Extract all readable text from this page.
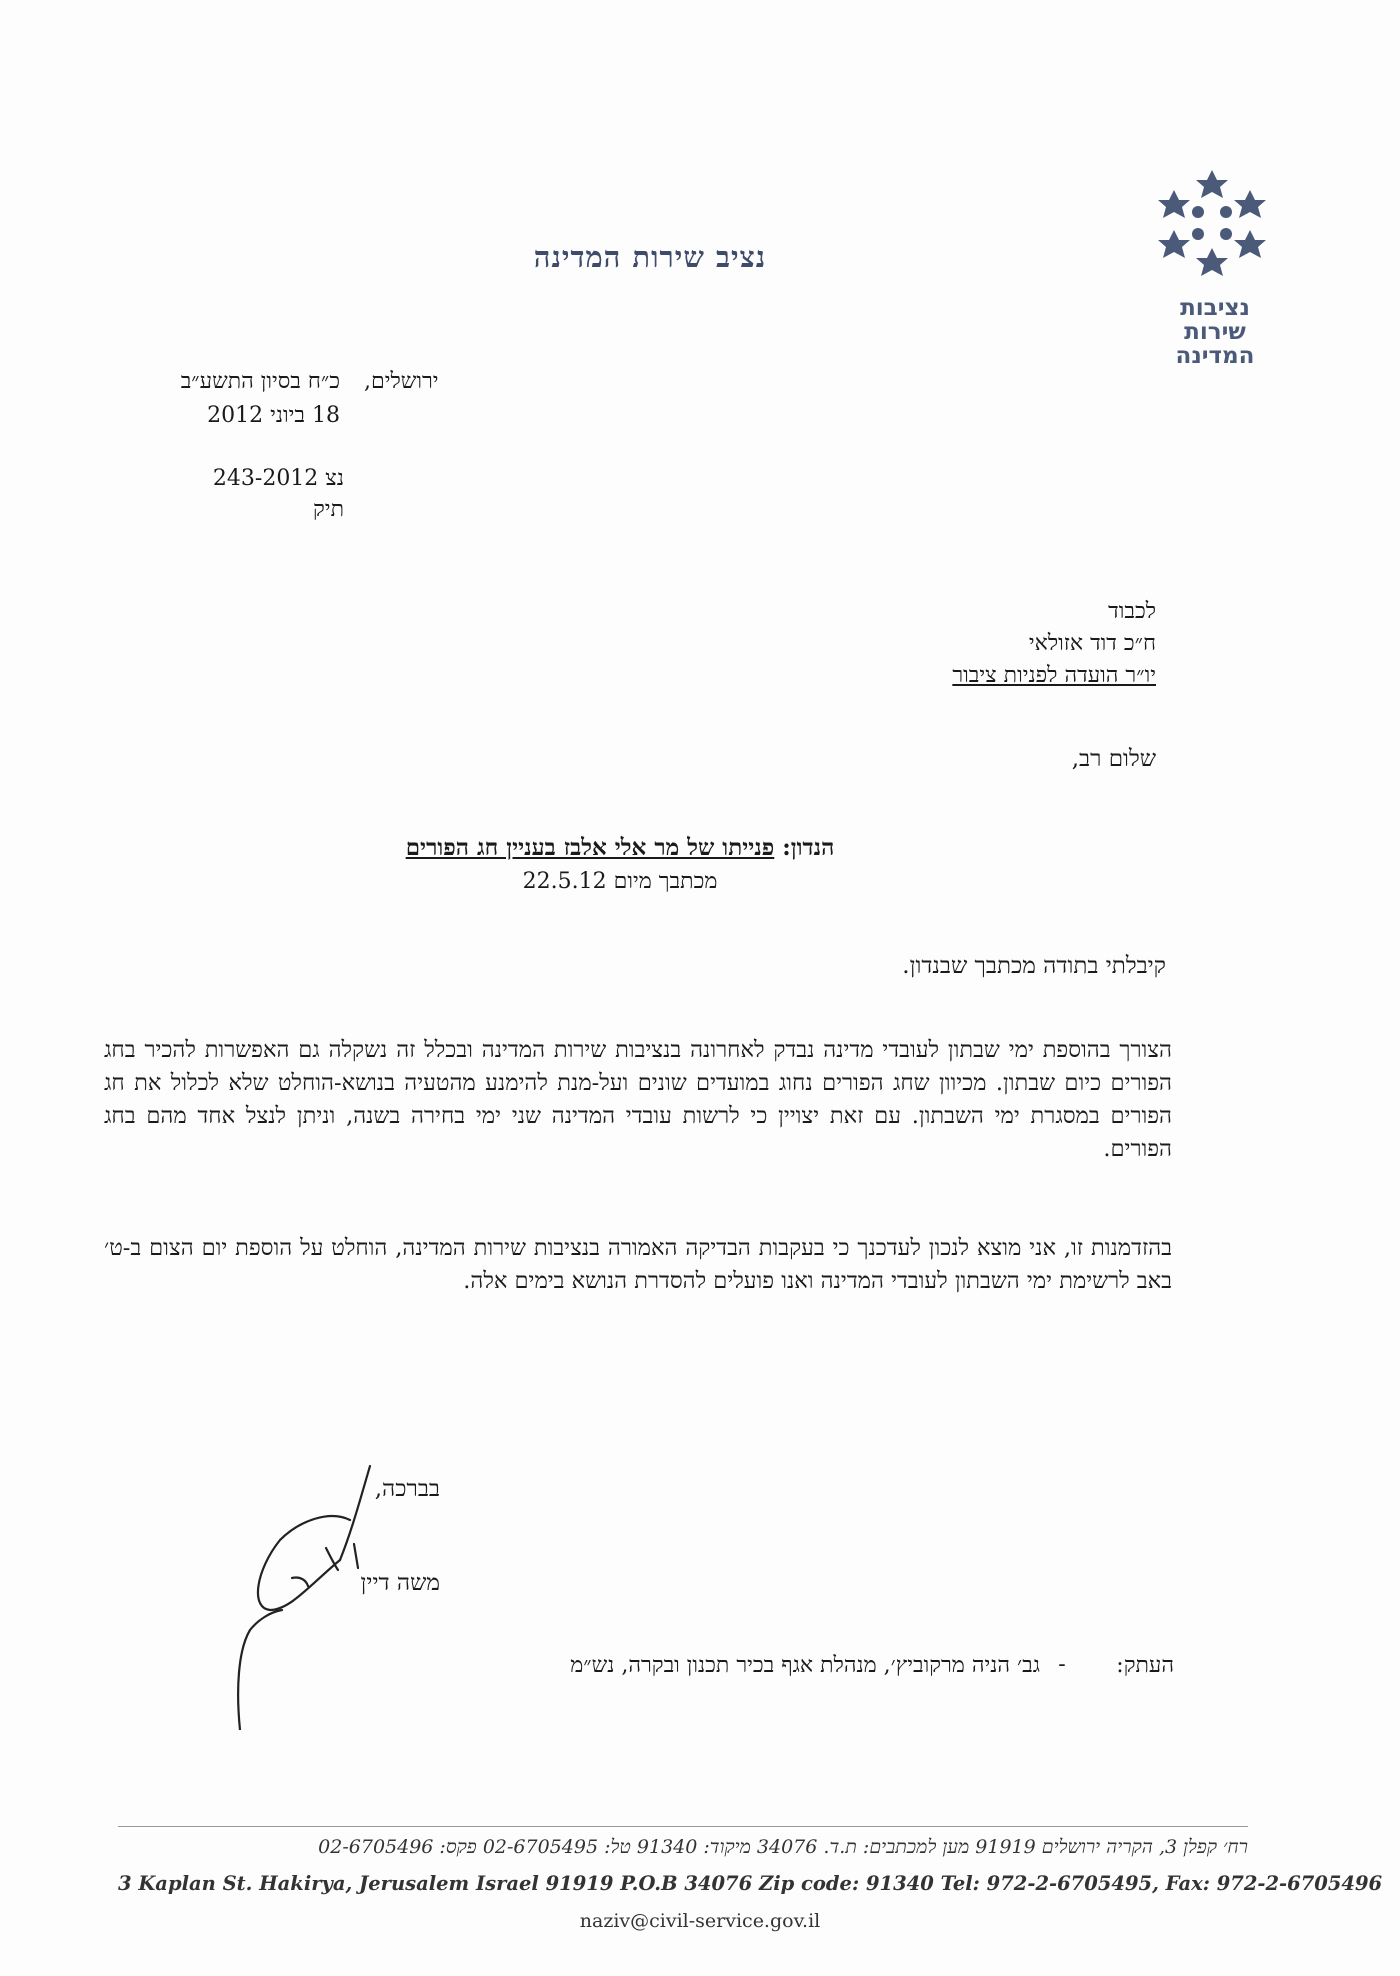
נציבות
שירות
המדינה
נציב שירות המדינה
ירושלים,
כ״ח בסיון התשע״ב
18 ביוני 2012
נצ 243-2012
תיק
לכבוד
ח״כ דוד אזולאי
יו״ר הועדה לפניות ציבור
שלום רב,
הנדון: פנייתו של מר אלי אלבז בעניין חג הפורים
מכתבך מיום 22.5.12
קיבלתי בתודה מכתבך שבנדון.
הצורך בהוספת ימי שבתון לעובדי מדינה נבדק לאחרונה בנציבות שירות המדינה ובכלל זה נשקלה גם האפשרות להכיר בחג הפורים כיום שבתון. מכיוון שחג הפורים נחוג במועדים שונים ועל-מנת להימנע מהטעיה בנושא-הוחלט שלא לכלול את חג הפורים במסגרת ימי השבתון. עם זאת יצויין כי לרשות עובדי המדינה שני ימי בחירה בשנה, וניתן לנצל אחד מהם בחג הפורים.
בהזדמנות זו, אני מוצא לנכון לעדכנך כי בעקבות הבדיקה האמורה בנציבות שירות המדינה, הוחלט על הוספת יום הצום ב-ט׳ באב לרשימת ימי השבתון לעובדי המדינה ואנו פועלים להסדרת הנושא בימים אלה.
בברכה,
משה דיין
העתק:
-
גב׳ הניה מרקוביץ׳, מנהלת אגף בכיר תכנון ובקרה, נש״מ
רח׳ קפלן 3, הקריה ירושלים 91919 מען למכתבים: ת.ד. 34076 מיקוד: 91340 טל: 02-6705495 פקס: 02-6705496
3 Kaplan St. Hakirya, Jerusalem Israel 91919 P.O.B 34076 Zip code: 91340 Tel: 972-2-6705495, Fax: 972-2-6705496
naziv@civil-service.gov.il
